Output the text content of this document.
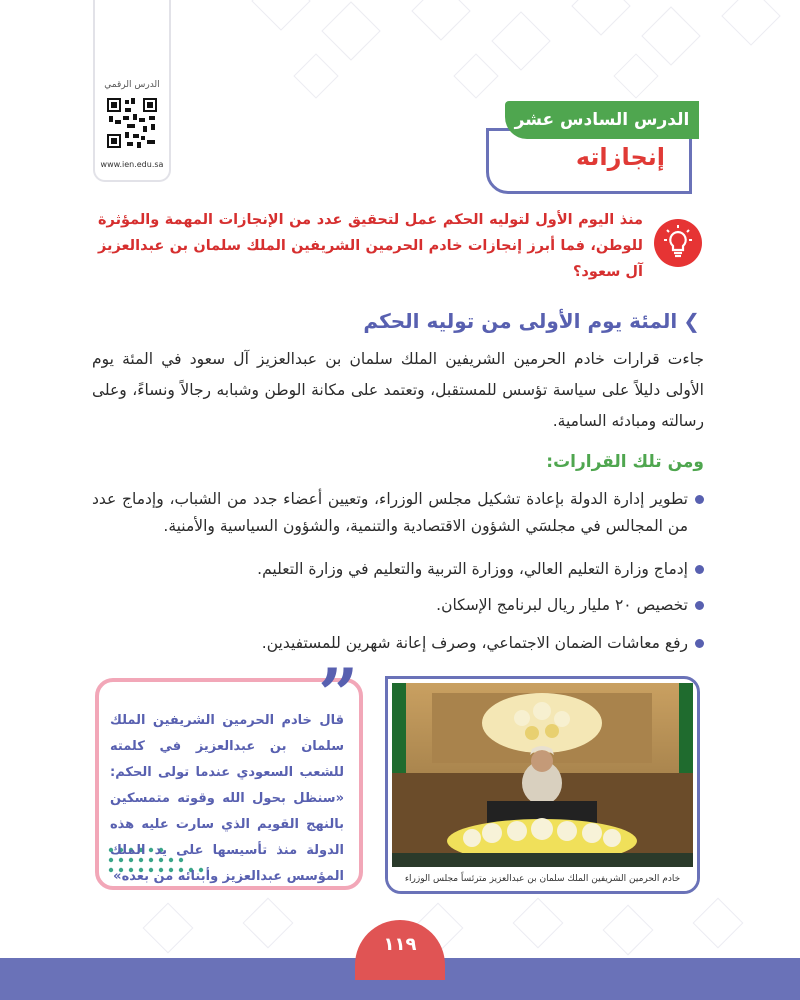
الدرس الرقمي
www.ien.edu.sa	إنجازاته
الدرس السادس عشر
منذ اليوم الأول لتوليه الحكم عمل لتحقيق عدد من الإنجازات المهمة والمؤثرة للوطن، فما أبرز إنجازات خادم الحرمين الشريفين الملك سلمان بن عبدالعزيز آل سعود؟
❯المئة يوم الأولى من توليه الحكم
جاءت قرارات خادم الحرمين الشريفين الملك سلمان بن عبدالعزيز آل سعود في المئة يوم الأولى دليلاً على سياسة تؤسس للمستقبل، وتعتمد على مكانة الوطن وشبابه رجالاً ونساءً، وعلى رسالته ومبادئه السامية.
ومن تلك القرارات:
تطوير إدارة الدولة بإعادة تشكيل مجلس الوزراء، وتعيين أعضاء جدد من الشباب، وإدماج عدد من المجالس في مجلسَي الشؤون الاقتصادية والتنمية، والشؤون السياسية والأمنية.
إدماج وزارة التعليم العالي، ووزارة التربية والتعليم في وزارة التعليم.
تخصيص ٢٠ مليار ريال لبرنامج الإسكان.
رفع معاشات الضمان الاجتماعي، وصرف إعانة شهرين للمستفيدين.
”
قال خادم الحرمين الشريفين الملك سلمان بن عبدالعزيز في كلمته للشعب السعودي عندما تولى الحكم: «سنظل بحول الله وقوته متمسكين بالنهج القويم الذي سارت عليه هذه الدولة منذ تأسيسها على يد الملك المؤسس عبدالعزيز وأبنائه من بعده»	خادم الحرمين الشريفين الملك سلمان بن عبدالعزيز مترئساً مجلس الوزراء
١١٩
